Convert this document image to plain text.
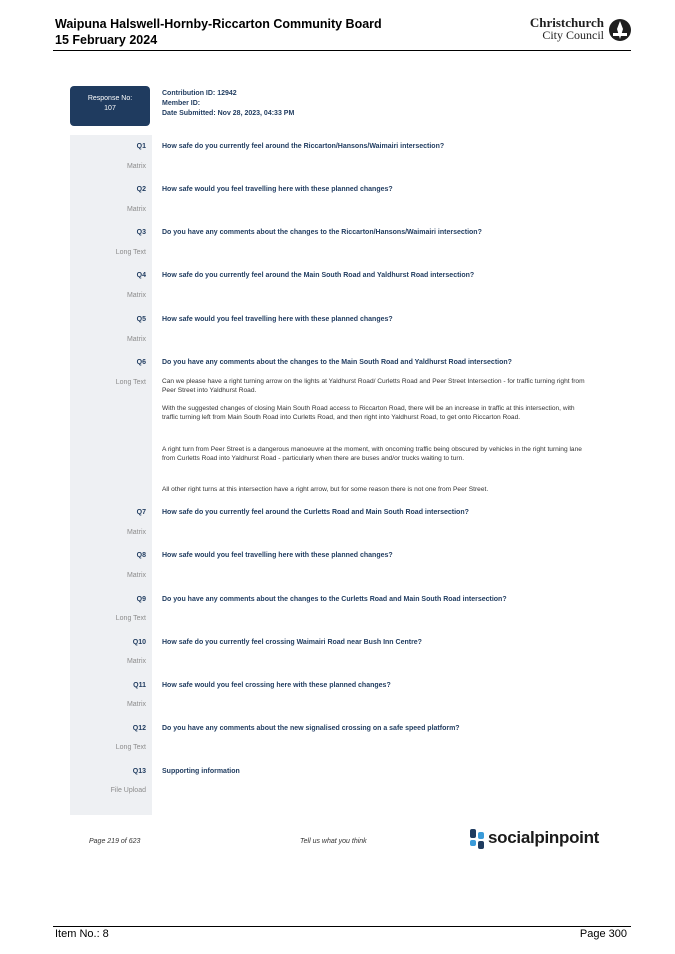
Waipuna Halswell-Hornby-Riccarton Community Board
15 February 2024
Christchurch
City Council
Response No:
107
Contribution ID: 12942
Member ID:
Date Submitted: Nov 28, 2023, 04:33 PM
Q1 How safe do you currently feel around the Riccarton/Hansons/Waimairi intersection?
Matrix
Q2 How safe would you feel travelling here with these planned changes?
Matrix
Q3 Do you have any comments about the changes to the Riccarton/Hansons/Waimairi intersection?
Long Text
Q4 How safe do you currently feel around the Main South Road and Yaldhurst Road intersection?
Matrix
Q5 How safe would you feel travelling here with these planned changes?
Matrix
Q6 Do you have any comments about the changes to the Main South Road and Yaldhurst Road intersection?
Long Text Can we please have a right turning arrow on the lights at Yaldhurst Road/ Curletts Road and Peer Street Intersection - for traffic turning right from Peer Street into Yaldhurst Road.
With the suggested changes of closing Main South Road access to Riccarton Road, there will be an increase in traffic at this intersection, with traffic turning left from Main South Road into Curletts Road, and then right into Yaldhurst Road, to get onto Riccarton Road.
A right turn from Peer Street is a dangerous manoeuvre at the moment, with oncoming traffic being obscured by vehicles in the right turning lane from Curletts Road into Yaldhurst Road - particularly when there are buses and/or trucks waiting to turn.
All other right turns at this intersection have a right arrow, but for some reason there is not one from Peer Street.
Q7 How safe do you currently feel around the Curletts Road and Main South Road intersection?
Matrix
Q8 How safe would you feel travelling here with these planned changes?
Matrix
Q9 Do you have any comments about the changes to the Curletts Road and Main South Road intersection?
Long Text
Q10 How safe do you currently feel crossing Waimairi Road near Bush Inn Centre?
Matrix
Q11 How safe would you feel crossing here with these planned changes?
Matrix
Q12 Do you have any comments about the new signalised crossing on a safe speed platform?
Long Text
Q13 Supporting information
File Upload
Page 219 of 623	Tell us what you think	socialpinpoint
Item No.: 8	Page 300
